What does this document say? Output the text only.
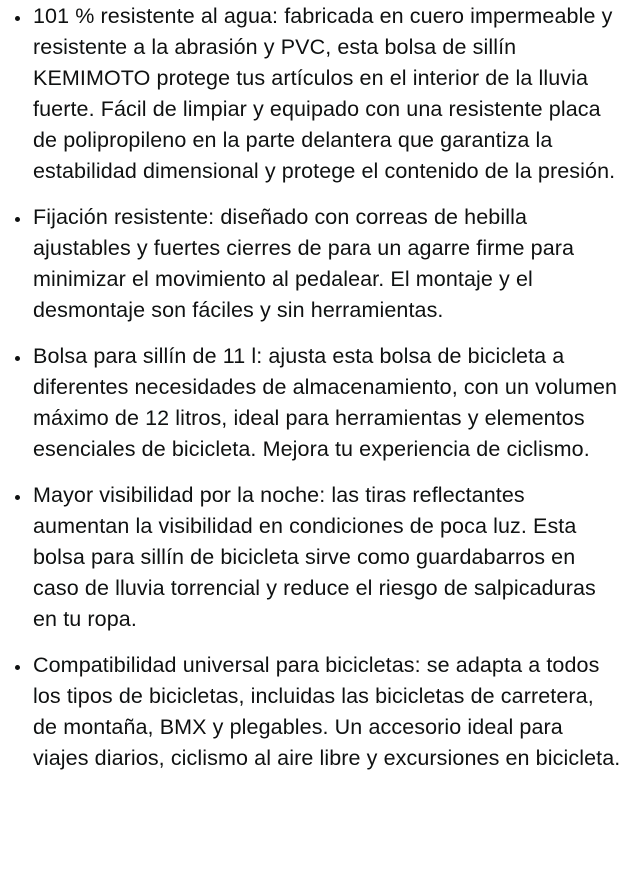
• 101 % resistente al agua: fabricada en cuero impermeable y resistente a la abrasión y PVC, esta bolsa de sillín KEMIMOTO protege tus artículos en el interior de la lluvia fuerte. Fácil de limpiar y equipado con una resistente placa de polipropileno en la parte delantera que garantiza la estabilidad dimensional y protege el contenido de la presión.
• Fijación resistente: diseñado con correas de hebilla ajustables y fuertes cierres de para un agarre firme para minimizar el movimiento al pedalear. El montaje y el desmontaje son fáciles y sin herramientas.
• Bolsa para sillín de 11 l: ajusta esta bolsa de bicicleta a diferentes necesidades de almacenamiento, con un volumen máximo de 12 litros, ideal para herramientas y elementos esenciales de bicicleta. Mejora tu experiencia de ciclismo.
• Mayor visibilidad por la noche: las tiras reflectantes aumentan la visibilidad en condiciones de poca luz. Esta bolsa para sillín de bicicleta sirve como guardabarros en caso de lluvia torrencial y reduce el riesgo de salpicaduras en tu ropa.
• Compatibilidad universal para bicicletas: se adapta a todos los tipos de bicicletas, incluidas las bicicletas de carretera, de montaña, BMX y plegables. Un accesorio ideal para viajes diarios, ciclismo al aire libre y excursiones en bicicleta.
